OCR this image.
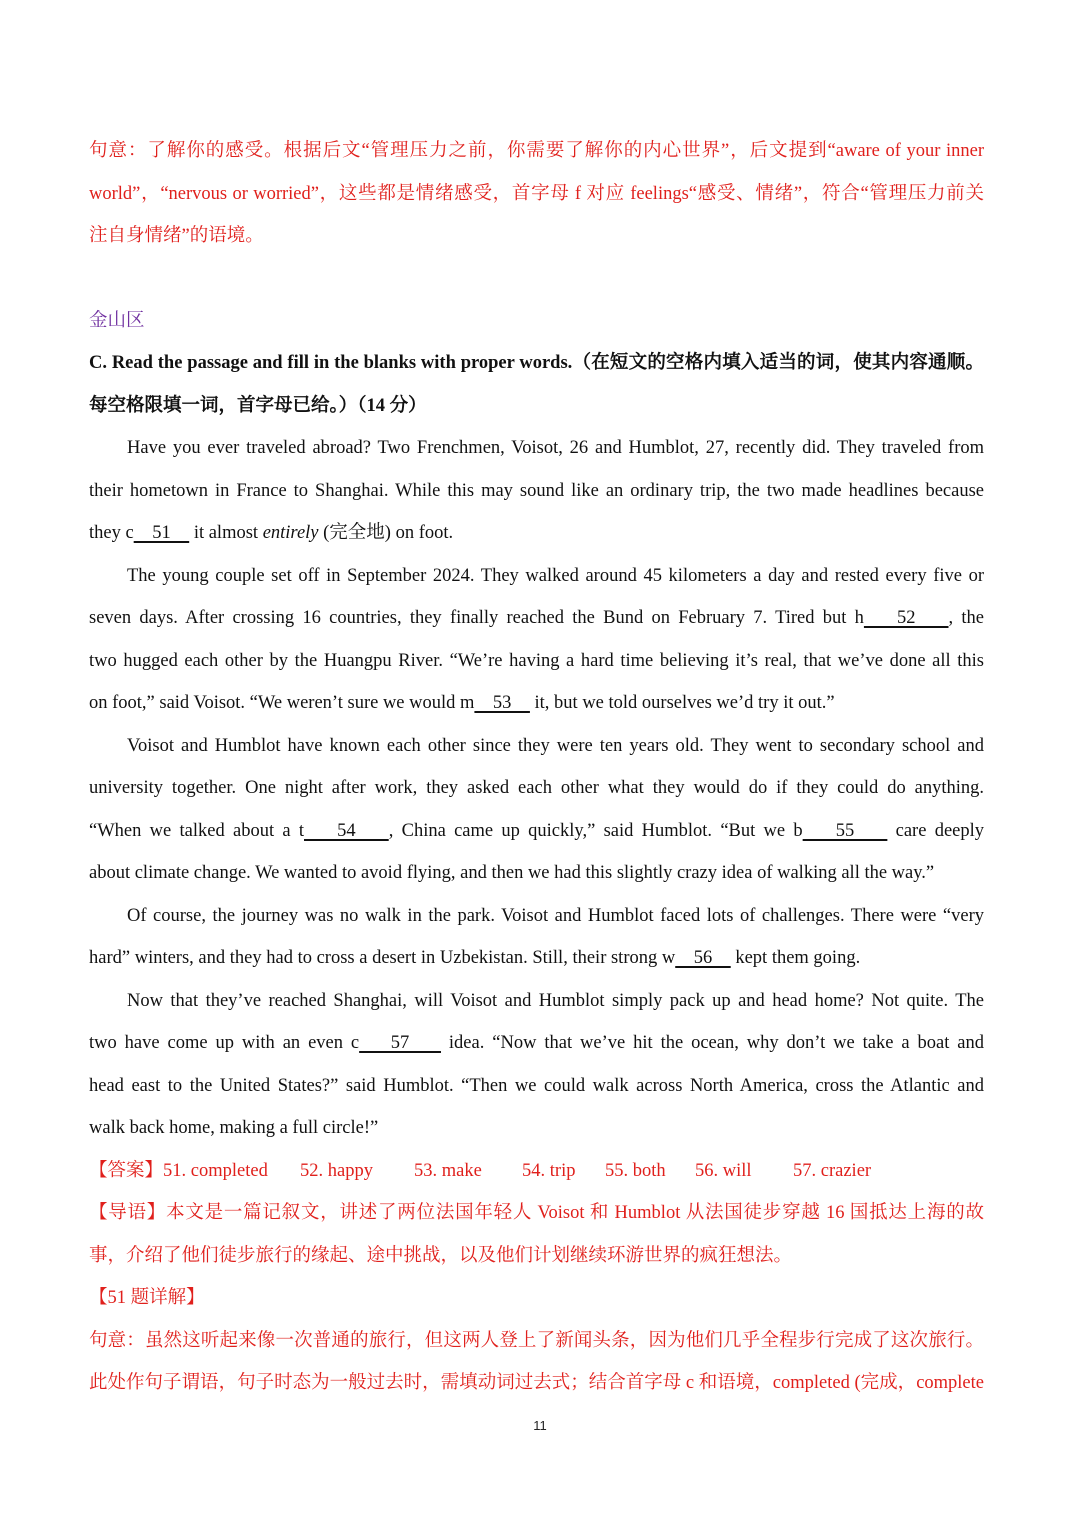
句意：了解你的感受。根据后文“管理压力之前，你需要了解你的内心世界”，后文提到“aware of your inner
world”，“nervous or worried”，这些都是情绪感受，首字母 f 对应 feelings“感受、情绪”，符合“管理压力前关
注自身情绪”的语境。
金山区
C. Read the passage and fill in the blanks with proper words.（在短文的空格内填入适当的词，使其内容通顺。
每空格限填一词，首字母已给。）（14 分）
Have you ever traveled abroad? Two Frenchmen, Voisot, 26 and Humblot, 27, recently did. They traveled from
their hometown in France to Shanghai. While this may sound like an ordinary trip, the two made headlines because
they c    51     it almost entirely (完全地) on foot.
The young couple set off in September 2024. They walked around 45 kilometers a day and rested every five or
seven days. After crossing 16 countries, they finally reached the Bund on February 7. Tired but h    52    , the
two hugged each other by the Huangpu River. “We’re having a hard time believing it’s real, that we’ve done all this
on foot,” said Voisot. “We weren’t sure we would m    53     it, but we told ourselves we’d try it out.”
Voisot and Humblot have known each other since they were ten years old. They went to secondary school and
university together. One night after work, they asked each other what they would do if they could do anything.
“When we talked about a t    54    , China came up quickly,” said Humblot. “But we b    55     care deeply
about climate change. We wanted to avoid flying, and then we had this slightly crazy idea of walking all the way.”
Of course, the journey was no walk in the park. Voisot and Humblot faced lots of challenges. There were “very
hard” winters, and they had to cross a desert in Uzbekistan. Still, their strong w    56     kept them going.
Now that they’ve reached Shanghai, will Voisot and Humblot simply pack up and head home? Not quite. The
two have come up with an even c    57     idea. “Now that we’ve hit the ocean, why don’t we take a boat and
head east to the United States?” said Humblot. “Then we could walk across North America, cross the Atlantic and
walk back home, making a full circle!”
【答案】51. completed 52. happy 53. make 54. trip 55. both 56. will 57. crazier
【导语】本文是一篇记叙文，讲述了两位法国年轻人 Voisot 和 Humblot 从法国徒步穿越 16 国抵达上海的故
事，介绍了他们徒步旅行的缘起、途中挑战，以及他们计划继续环游世界的疯狂想法。
【51 题详解】
句意：虽然这听起来像一次普通的旅行，但这两人登上了新闻头条，因为他们几乎全程步行完成了这次旅行。
此处作句子谓语，句子时态为一般过去时，需填动词过去式；结合首字母 c 和语境，completed (完成，complete
11
